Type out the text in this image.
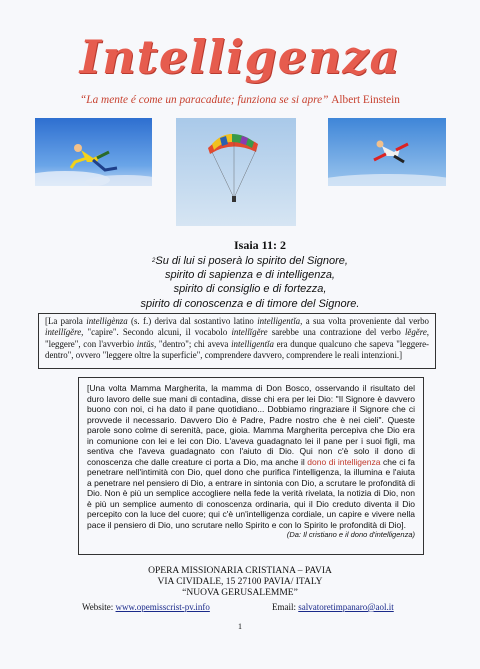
Intelligenza
“La mente é come un paracadute; funziona se si apre” Albert Einstein
Isaia 11: 2
$^2$Su di lui si poserà lo spirito del Signore,
spirito di sapienza e di intelligenza,
spirito di consiglio e di fortezza,
spirito di conoscenza e di timore del Signore.
[La parola intelligènza (s. f.) deriva dal sostantivo latino intelligentĭa, a sua volta proveniente dal verbo intellĭgĕre, "capire". Secondo alcuni, il vocabolo intellĭgĕre sarebbe una contrazione del verbo lĕgĕre, "leggere", con l'avverbio intŭs, "dentro"; chi aveva intelligentĭa era dunque qualcuno che sapeva "leggere-dentro", ovvero "leggere oltre la superficie", comprendere davvero, comprendere le reali intenzioni.]
[Una volta Mamma Margherita, la mamma di Don Bosco, osservando il risultato del duro lavoro delle sue mani di contadina, disse chi era per lei Dio: "Il Signore è davvero buono con noi, ci ha dato il pane quotidiano... Dobbiamo ringraziare il Signore che ci provvede il necessario. Davvero Dio è Padre, Padre nostro che è nei cieli". Queste parole sono colme di serenità, pace, gioia. Mamma Margherita percepiva che Dio era in comunione con lei e lei con Dio. L'aveva guadagnato lei il pane per i suoi figli, ma sentiva che l'aveva guadagnato con l'aiuto di Dio. Qui non c'è solo il dono di conoscenza che dalle creature ci porta a Dio, ma anche il dono di intelligenza che ci fa penetrare nell'intimità con Dio, quel dono che purifica l'intelligenza, la illumina e l'aiuta a penetrare nel pensiero di Dio, a entrare in sintonia con Dio, a scrutare le profondità di Dio. Non è più un semplice accogliere nella fede la verità rivelata, la notizia di Dio, non è più un semplice aumento di conoscenza ordinaria, qui il Dio creduto diventa il Dio percepito con la luce del cuore; qui c'è un'intelligenza cordiale, un capire e vivere nella pace il pensiero di Dio, uno scrutare nello Spirito e con lo Spirito le profondità di Dio].
(Da: Il cristiano e il dono d'intelligenza)
OPERA MISSIONARIA CRISTIANA – PAVIA
VIA CIVIDALE, 15 27100 PAVIA/ ITALY
“NUOVA GERUSALEMME”
Website: www.opemisscrist-pv.info	Email: salvatoretimpanaro@aol.it
1
